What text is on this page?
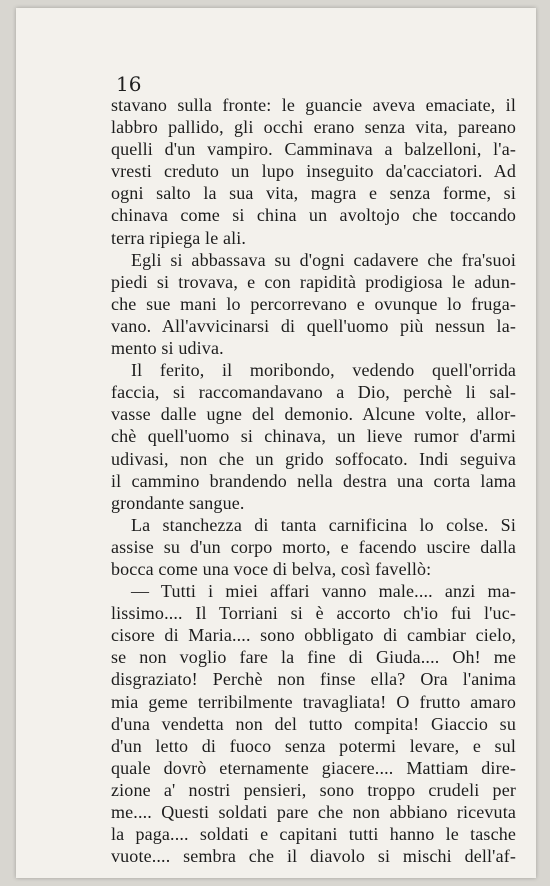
16
stavano sulla fronte: le guancie aveva emaciate, il
labbro pallido, gli occhi erano senza vita, pareano
quelli d'un vampiro. Camminava a balzelloni, l'a-
vresti creduto un lupo inseguito da'cacciatori. Ad
ogni salto la sua vita, magra e senza forme, si
chinava come si china un avoltojo che toccando
terra ripiega le ali.
Egli si abbassava su d'ogni cadavere che fra'suoi
piedi si trovava, e con rapidità prodigiosa le adun-
che sue mani lo percorrevano e ovunque lo fruga-
vano. All'avvicinarsi di quell'uomo più nessun la-
mento si udiva.
Il ferito, il moribondo, vedendo quell'orrida
faccia, si raccomandavano a Dio, perchè li sal-
vasse dalle ugne del demonio. Alcune volte, allor-
chè quell'uomo si chinava, un lieve rumor d'armi
udivasi, non che un grido soffocato. Indi seguiva
il cammino brandendo nella destra una corta lama
grondante sangue.
La stanchezza di tanta carnificina lo colse. Si
assise su d'un corpo morto, e facendo uscire dalla
bocca come una voce di belva, così favellò:
— Tutti i miei affari vanno male.... anzi ma-
lissimo.... Il Torriani si è accorto ch'io fui l'uc-
cisore di Maria.... sono obbligato di cambiar cielo,
se non voglio fare la fine di Giuda.... Oh! me
disgraziato! Perchè non finse ella? Ora l'anima
mia geme terribilmente travagliata! O frutto amaro
d'una vendetta non del tutto compita! Giaccio su
d'un letto di fuoco senza potermi levare, e sul
quale dovrò eternamente giacere.... Mattiam dire-
zione a' nostri pensieri, sono troppo crudeli per
me.... Questi soldati pare che non abbiano ricevuta
la paga.... soldati e capitani tutti hanno le tasche
vuote.... sembra che il diavolo si mischi dell'af-
